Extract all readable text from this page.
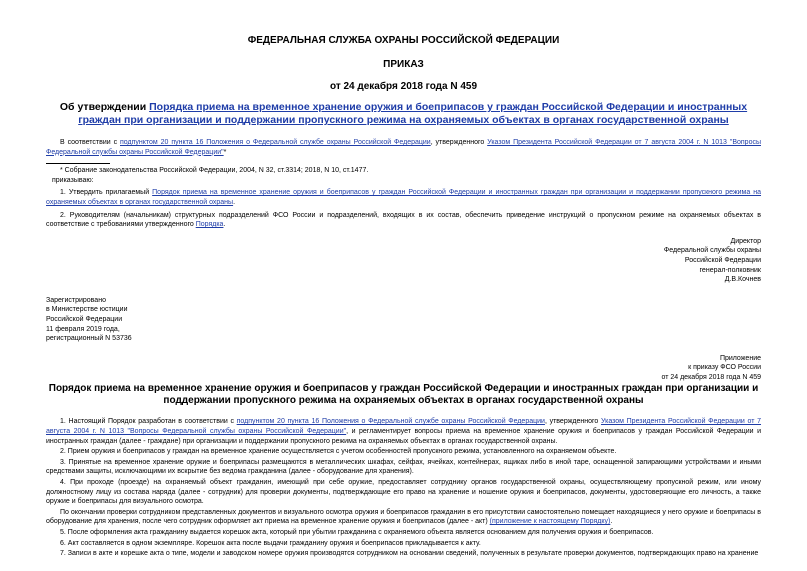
ФЕДЕРАЛЬНАЯ СЛУЖБА ОХРАНЫ РОССИЙСКОЙ ФЕДЕРАЦИИ
ПРИКАЗ
от 24 декабря 2018 года N 459
Об утверждении Порядка приема на временное хранение оружия и боеприпасов у граждан Российской Федерации и иностранных граждан при организации и поддержании пропускного режима на охраняемых объектах в органах государственной охраны
В соответствии с подпунктом 20 пункта 16 Положения о Федеральной службе охраны Российской Федерации, утвержденного Указом Президента Российской Федерации от 7 августа 2004 г. N 1013 "Вопросы Федеральной службы охраны Российской Федерации"*
* Собрание законодательства Российской Федерации, 2004, N 32, ст.3314; 2018, N 10, ст.1477.
приказываю:
1. Утвердить прилагаемый Порядок приема на временное хранение оружия и боеприпасов у граждан Российской Федерации и иностранных граждан при организации и поддержании пропускного режима на охраняемых объектах в органах государственной охраны.
2. Руководителям (начальникам) структурных подразделений ФСО России и подразделений, входящих в их состав, обеспечить приведение инструкций о пропускном режиме на охраняемых объектах в соответствие с требованиями утвержденного Порядка.
Директор
Федеральной службы охраны
Российской Федерации
генерал-полковник
Д.В.Кочнев
Зарегистрировано
в Министерстве юстиции
Российской Федерации
11 февраля 2019 года,
регистрационный N 53736
Приложение
к приказу ФСО России
от 24 декабря 2018 года N 459
Порядок приема на временное хранение оружия и боеприпасов у граждан Российской Федерации и иностранных граждан при организации и поддержании пропускного режима на охраняемых объектах в органах государственной охраны
1. Настоящий Порядок разработан в соответствии с подпунктом 20 пункта 16 Положения о Федеральной службе охраны Российской Федерации, утвержденного Указом Президента Российской Федерации от 7 августа 2004 г. N 1013 "Вопросы Федеральной службы охраны Российской Федерации", и регламентирует вопросы приема на временное хранение оружия и боеприпасов у граждан Российской Федерации и иностранных граждан (далее - граждане) при организации и поддержании пропускного режима на охраняемых объектах в органах государственной охраны.
2. Прием оружия и боеприпасов у граждан на временное хранение осуществляется с учетом особенностей пропускного режима, установленного на охраняемом объекте.
3. Принятые на временное хранение оружие и боеприпасы размещаются в металлических шкафах, сейфах, ячейках, контейнерах, ящиках либо в иной таре, оснащенной запирающими устройствами и иными средствами защиты, исключающими их вскрытие без ведома гражданина (далее - оборудование для хранения).
4. При проходе (проезде) на охраняемый объект гражданин, имеющий при себе оружие, предоставляет сотруднику органов государственной охраны, осуществляющему пропускной режим, или иному должностному лицу из состава наряда (далее - сотрудник) для проверки документы, подтверждающие его право на хранение и ношение оружия и боеприпасов, документы, удостоверяющие его личность, а также оружие и боеприпасы для визуального осмотра.
По окончании проверки сотрудником представленных документов и визуального осмотра оружия и боеприпасов гражданин в его присутствии самостоятельно помещает находящиеся у него оружие и боеприпасы в оборудование для хранения, после чего сотрудник оформляет акт приема на временное хранение оружия и боеприпасов (далее - акт) (приложение к настоящему Порядку).
5. После оформления акта гражданину выдается корешок акта, который при убытии гражданина с охраняемого объекта является основанием для получения оружия и боеприпасов.
6. Акт составляется в одном экземпляре. Корешок акта после выдачи гражданину оружия и боеприпасов прикладывается к акту.
7. Записи в акте и корешке акта о типе, модели и заводском номере оружия производятся сотрудником на основании сведений, полученных в результате проверки документов, подтверждающих право на хранение
